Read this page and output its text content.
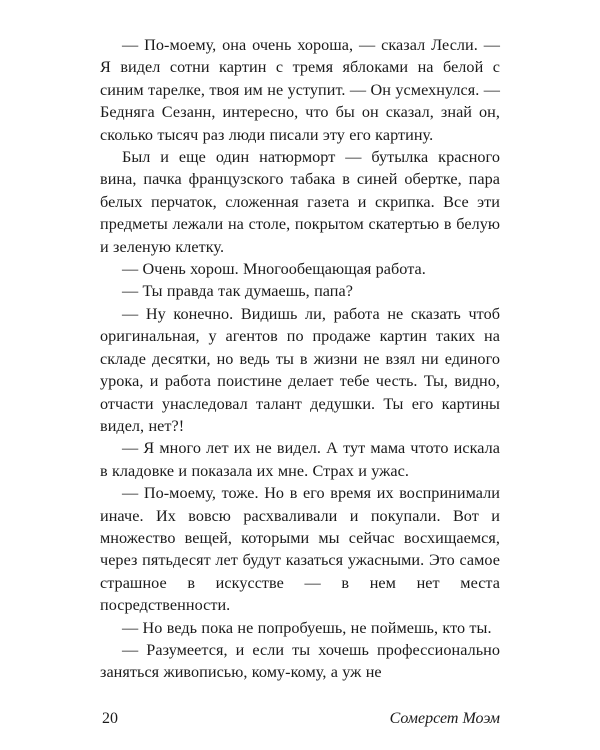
— По-моему, она очень хороша, — сказал Лесли. — Я видел сотни картин с тремя яблоками на белой с синим тарелке, твоя им не уступит. — Он усмехнулся. — Бедняга Сезанн, интересно, что бы он сказал, знай он, сколько тысяч раз люди писали эту его картину.

Был и еще один натюрморт — бутылка красного вина, пачка французского табака в синей обертке, пара белых перчаток, сложенная газета и скрипка. Все эти предметы лежали на столе, покрытом скатертью в белую и зеленую клетку.

— Очень хорош. Многообещающая работа.

— Ты правда так думаешь, папа?

— Ну конечно. Видишь ли, работа не сказать чтоб оригинальная, у агентов по продаже картин таких на складе десятки, но ведь ты в жизни не взял ни единого урока, и работа поистине делает тебе честь. Ты, видно, отчасти унаследовал талант дедушки. Ты его картины видел, нет?!

— Я много лет их не видел. А тут мама чтото искала в кладовке и показала их мне. Страх и ужас.

— По-моему, тоже. Но в его время их воспринимали иначе. Их вовсю расхваливали и покупали. Вот и множество вещей, которыми мы сейчас восхищаемся, через пятьдесят лет будут казаться ужасными. Это самое страшное в искусстве — в нем нет места посредственности.

— Но ведь пока не попробуешь, не поймешь, кто ты.

— Разумеется, и если ты хочешь профессионально заняться живописью, кому-кому, а уж не

20	Сомерсет Моэм
